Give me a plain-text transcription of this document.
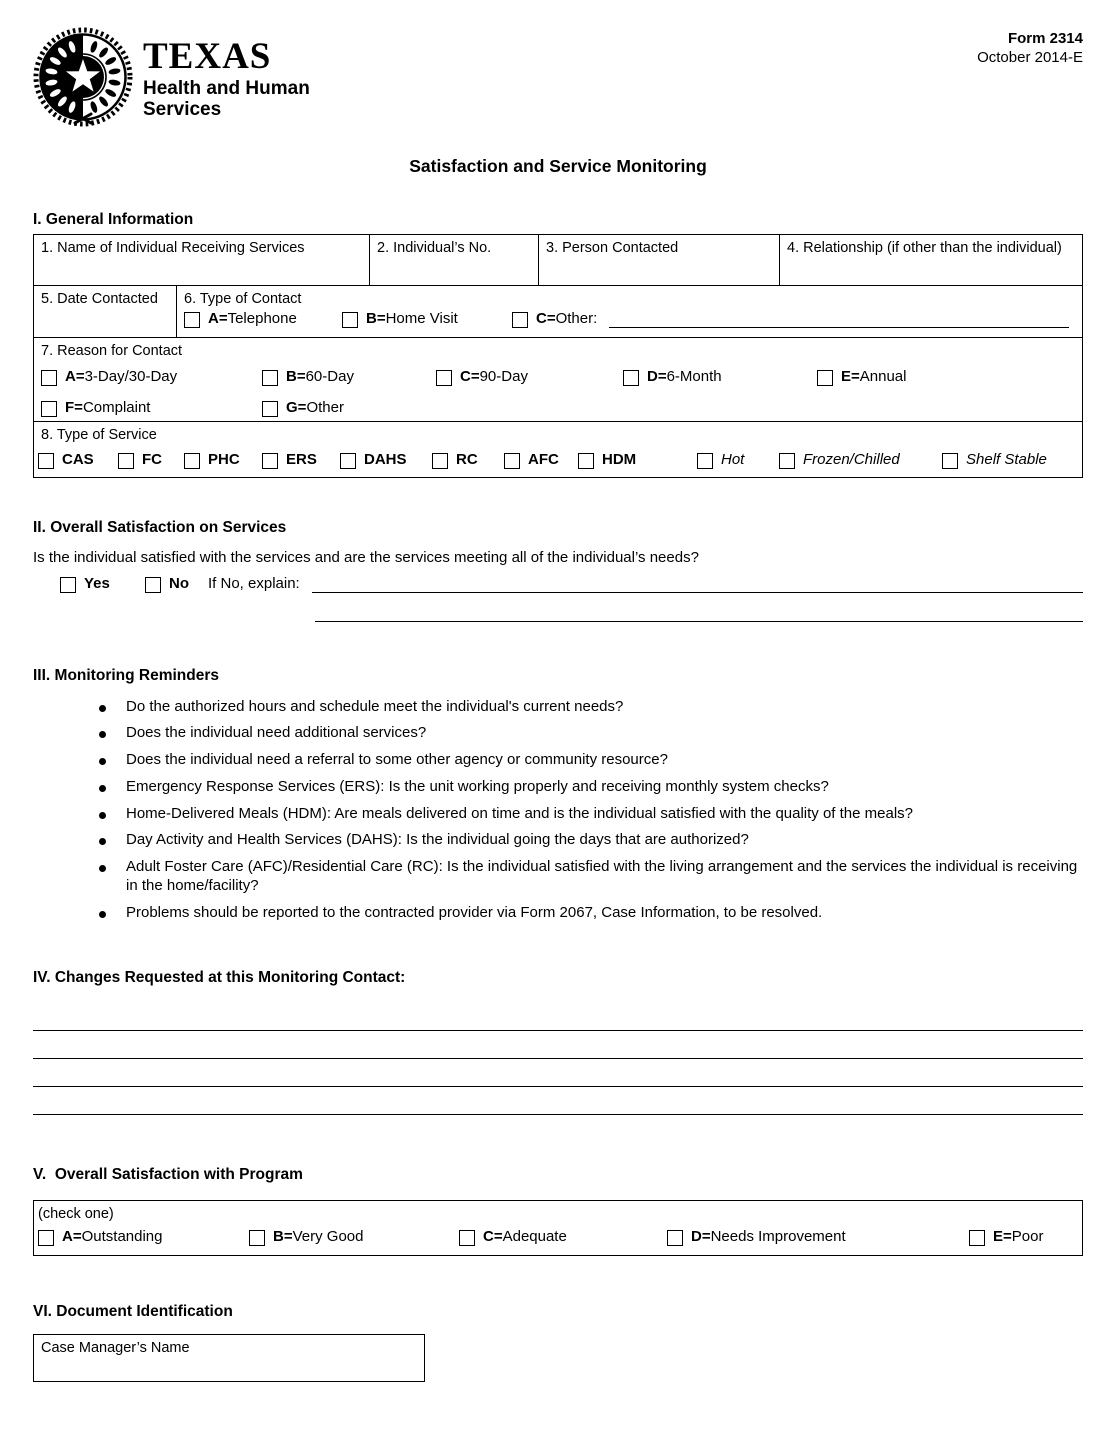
TEXAS
Health and Human
Services
Form 2314
October 2014-E
Satisfaction and Service Monitoring
I. General Information
1. Name of Individual Receiving Services	2. Individual’s No.	3. Person Contacted	4. Relationship (if other than the individual)
5. Date Contacted	6. Type of Contact
A= Telephone	B= Home Visit	C= Other:
7. Reason for Contact
A= 3-Day/30-Day	B= 60-Day	C= 90-Day	D= 6-Month	E= Annual
F= Complaint	G= Other
8. Type of Service
CAS	FC	PHC	ERS	DAHS	RC	AFC	HDM	Hot	Frozen/Chilled	Shelf Stable
II. Overall Satisfaction on Services
Is the individual satisfied with the services and are the services meeting all of the individual’s needs?
Yes	No If No, explain:
III. Monitoring Reminders
Do the authorized hours and schedule meet the individual's current needs?
Does the individual need additional services?
Does the individual need a referral to some other agency or community resource?
Emergency Response Services (ERS): Is the unit working properly and receiving monthly system checks?
Home-Delivered Meals (HDM): Are meals delivered on time and is the individual satisfied with the quality of the meals?
Day Activity and Health Services (DAHS): Is the individual going the days that are authorized?
Adult Foster Care (AFC)/Residential Care (RC): Is the individual satisfied with the living arrangement and the services the individual is receiving in the home/facility?
Problems should be reported to the contracted provider via Form 2067, Case Information, to be resolved.
IV. Changes Requested at this Monitoring Contact:
V.  Overall Satisfaction with Program
(check one)
A= Outstanding	B= Very Good	C= Adequate	D= Needs Improvement	E= Poor
VI. Document Identification
Case Manager’s Name
